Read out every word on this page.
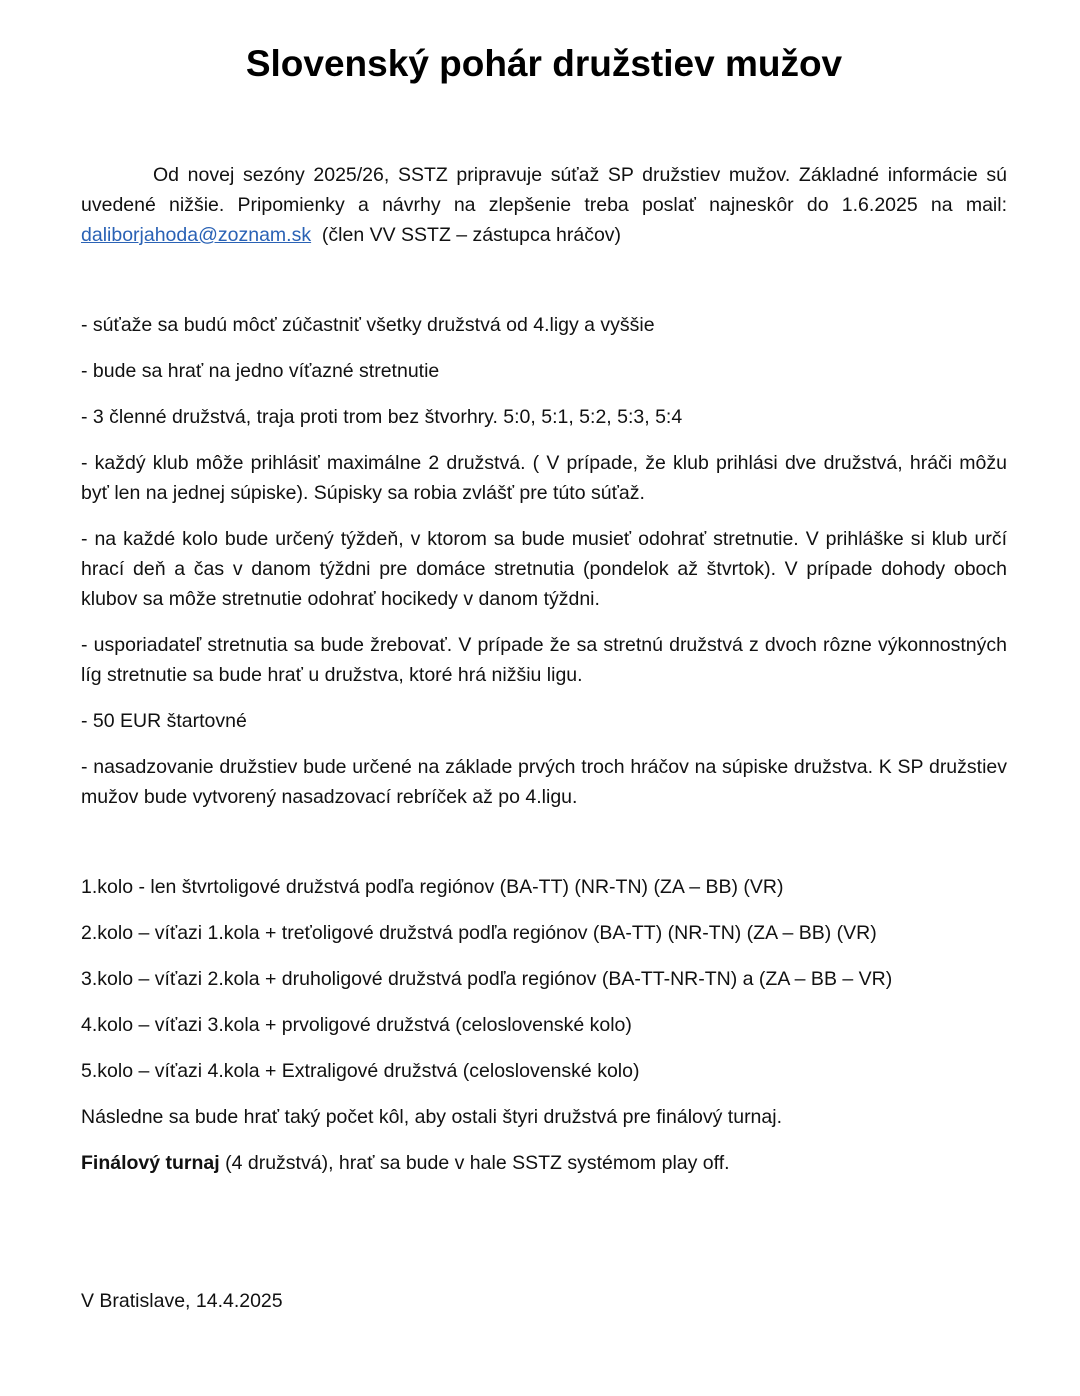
Slovenský pohár družstiev mužov

Od novej sezóny 2025/26, SSTZ pripravuje súťaž SP družstiev mužov. Základné informácie sú uvedené nižšie. Pripomienky a návrhy na zlepšenie treba poslať najneskôr do 1.6.2025 na mail: daliborjahoda@zoznam.sk  (člen VV SSTZ – zástupca hráčov)

- súťaže sa budú môcť zúčastniť všetky družstvá od 4.ligy a vyššie
- bude sa hrať na jedno víťazné stretnutie
- 3 členné družstvá, traja proti trom bez štvorhry. 5:0, 5:1, 5:2, 5:3, 5:4
- každý klub môže prihlásiť maximálne 2 družstvá. ( V prípade, že klub prihlási dve družstvá, hráči môžu byť len na jednej súpiske). Súpisky sa robia zvlášť pre túto súťaž.
- na každé kolo bude určený týždeň, v ktorom sa bude musieť odohrať stretnutie. V prihláške si klub určí hrací deň a čas v danom týždni pre domáce stretnutia (pondelok až štvrtok). V prípade dohody oboch klubov sa môže stretnutie odohrať hocikedy v danom týždni.
- usporiadateľ stretnutia sa bude žrebovať. V prípade že sa stretnú družstvá z dvoch rôzne výkonnostných líg stretnutie sa bude hrať u družstva, ktoré hrá nižšiu ligu.
- 50 EUR štartovné
- nasadzovanie družstiev bude určené na základe prvých troch hráčov na súpiske družstva. K SP družstiev mužov bude vytvorený nasadzovací rebríček až po 4.ligu.
1.kolo - len štvrtoligové družstvá podľa regiónov (BA-TT) (NR-TN) (ZA – BB) (VR)
2.kolo – víťazi 1.kola + treťoligové družstvá podľa regiónov (BA-TT) (NR-TN) (ZA – BB) (VR)
3.kolo – víťazi 2.kola + druholigové družstvá podľa regiónov (BA-TT-NR-TN) a (ZA – BB – VR)
4.kolo – víťazi 3.kola + prvoligové družstvá (celoslovenské kolo)
5.kolo – víťazi 4.kola + Extraligové družstvá (celoslovenské kolo)
Následne sa bude hrať taký počet kôl, aby ostali štyri družstvá pre finálový turnaj.

Finálový turnaj (4 družstvá), hrať sa bude v hale SSTZ systémom play off.

V Bratislave, 14.4.2025
